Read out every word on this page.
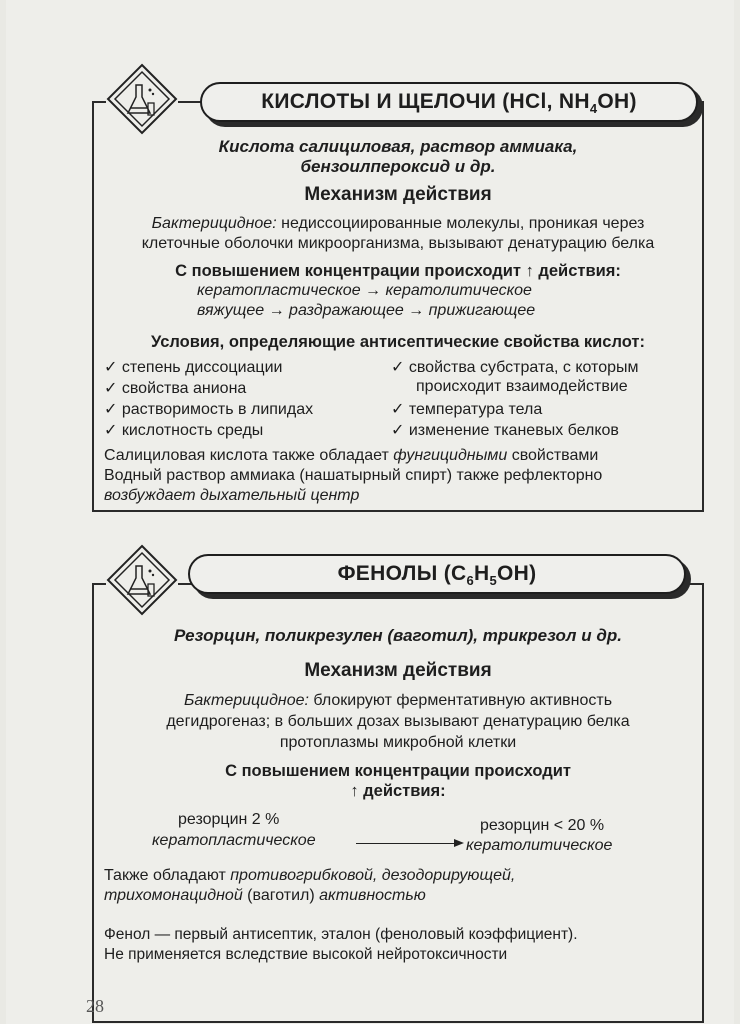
КИСЛОТЫ И ЩЕЛОЧИ (HCl, $NH_4OH$)
Кислота салициловая, раствор аммиака,
бензоилпероксид и др.
Механизм действия
Бактерицидное: недиссоциированные молекулы, проникая через
клеточные оболочки микроорганизма, вызывают денатурацию белка
С повышением концентрации происходит ↑ действия:
кератопластическое → кератолитическое
вяжущее → раздражающее → прижигающее
Условия, определяющие антисептические свойства кислот:
✓ степень диссоциации
✓ свойства аниона
✓ растворимость в липидах
✓ кислотность среды
✓ свойства субстрата, с которым
происходит взаимодействие
✓ температура тела
✓ изменение тканевых белков
Салициловая кислота также обладает фунгицидными свойствами
Водный раствор аммиака (нашатырный спирт) также рефлекторно
возбуждает дыхательный центр
ФЕНОЛЫ $(C_6H_5OH)$
Резорцин, поликрезулен (ваготил), трикрезол и др.
Механизм действия
Бактерицидное: блокируют ферментативную активность
дегидрогеназ; в больших дозах вызывают денатурацию белка
протоплазмы микробной клетки
С повышением концентрации происходит
↑ действия:
резорцин 2 %
кератопластическое
резорцин < 20 %
кератолитическое
Также обладают противогрибковой, дезодорирующей,
трихомонацидной (ваготил) активностью
Фенол — первый антисептик, эталон (феноловый коэффициент).
Не применяется вследствие высокой нейротоксичности
28
